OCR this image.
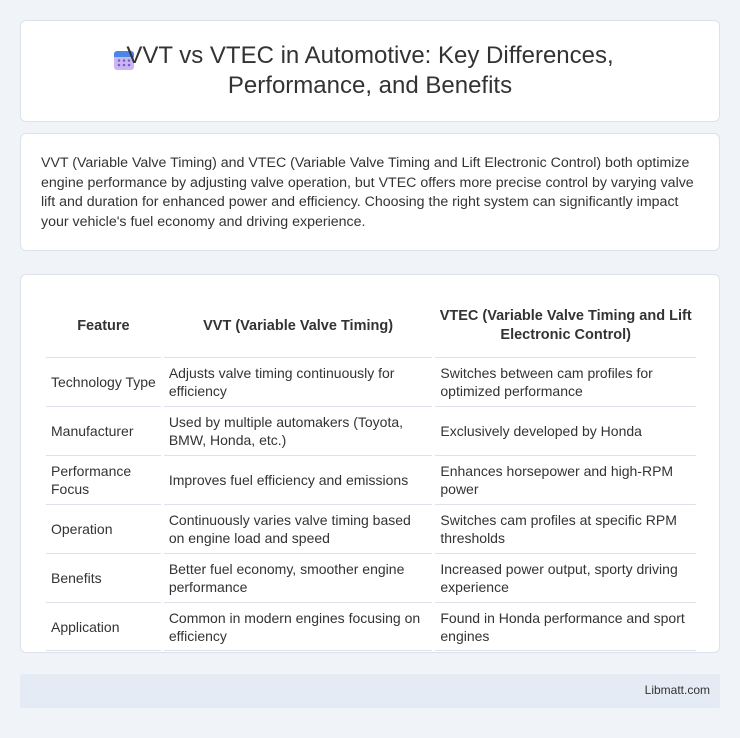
VVT vs VTEC in Automotive: Key Differences, Performance, and Benefits

VVT (Variable Valve Timing) and VTEC (Variable Valve Timing and Lift Electronic Control) both optimize engine performance by adjusting valve operation, but VTEC offers more precise control by varying valve lift and duration for enhanced power and efficiency. Choosing the right system can significantly impact your vehicle's fuel economy and driving experience.

Feature	VVT (Variable Valve Timing)	VTEC (Variable Valve Timing and Lift Electronic Control)
Technology Type	Adjusts valve timing continuously for efficiency	Switches between cam profiles for optimized performance
Manufacturer	Used by multiple automakers (Toyota, BMW, Honda, etc.)	Exclusively developed by Honda
Performance Focus	Improves fuel efficiency and emissions	Enhances horsepower and high-RPM power
Operation	Continuously varies valve timing based on engine load and speed	Switches cam profiles at specific RPM thresholds
Benefits	Better fuel economy, smoother engine performance	Increased power output, sporty driving experience
Application	Common in modern engines focusing on efficiency	Found in Honda performance and sport engines
Libmatt.com
